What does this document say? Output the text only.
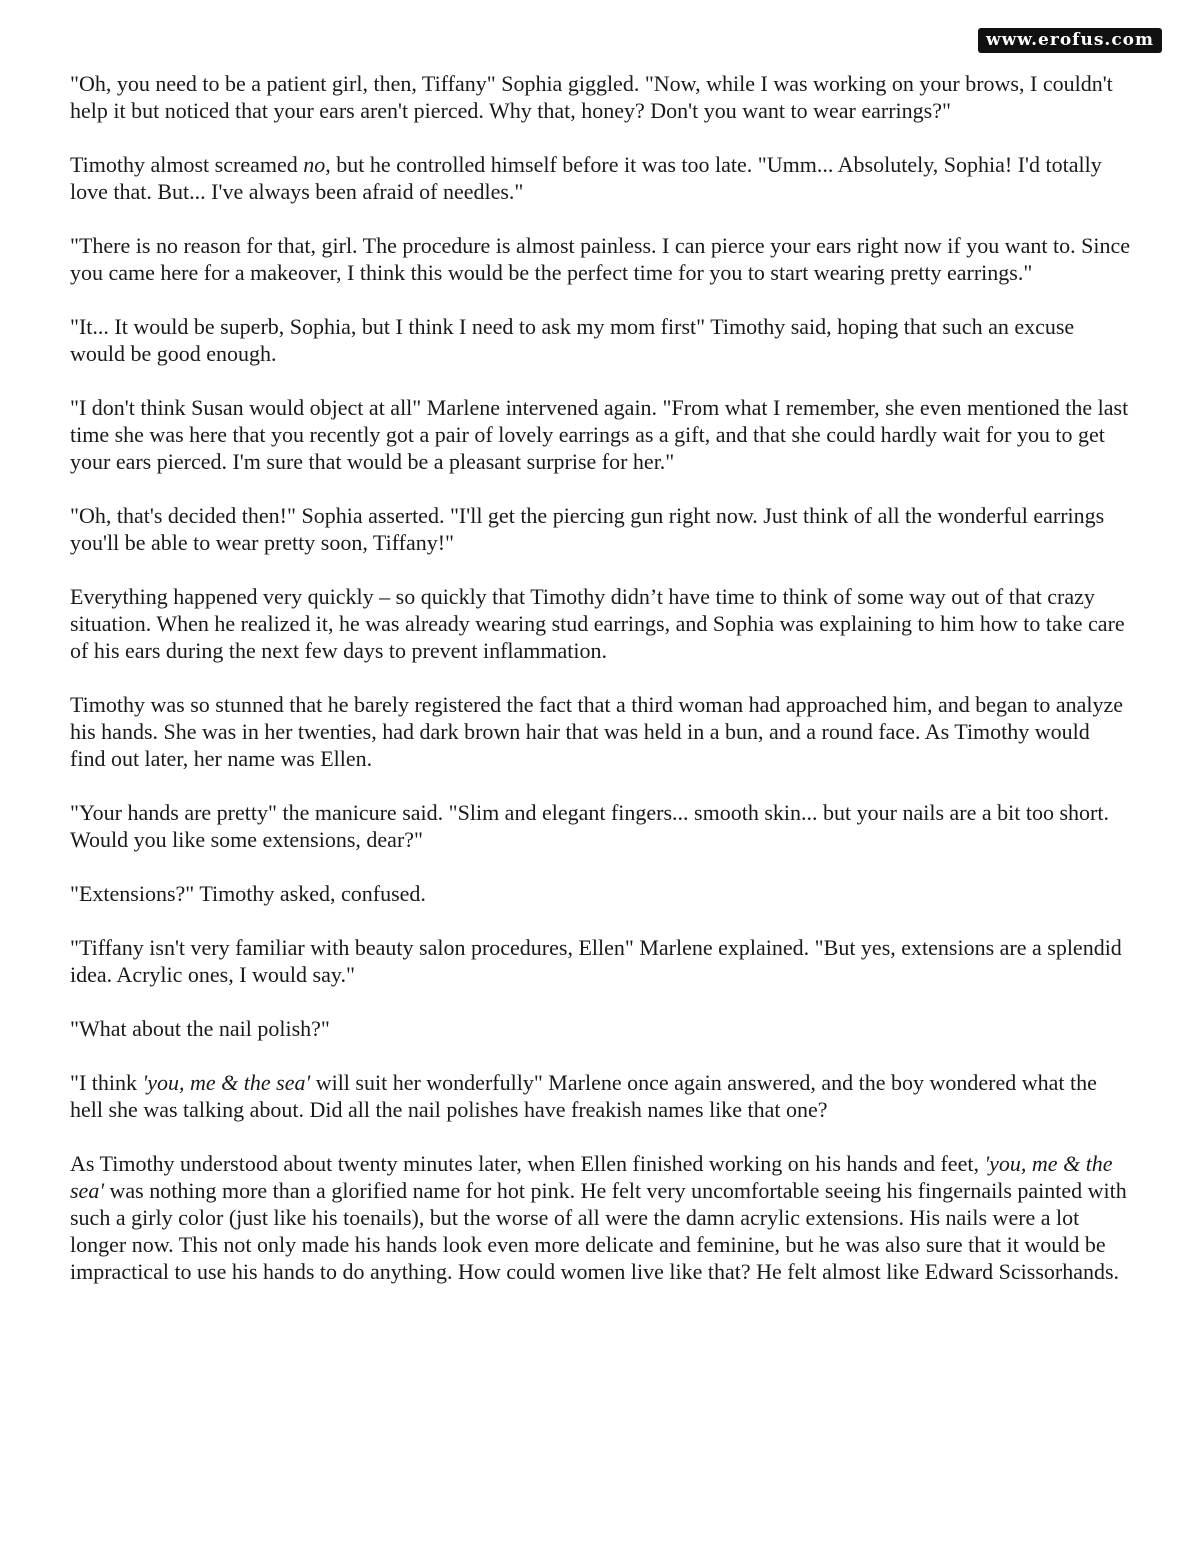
www.erofus.com

"Oh, you need to be a patient girl, then, Tiffany" Sophia giggled. "Now, while I was working on your brows, I couldn't help it but noticed that your ears aren't pierced. Why that, honey? Don't you want to wear earrings?"

Timothy almost screamed no, but he controlled himself before it was too late. "Umm... Absolutely, Sophia! I'd totally love that. But... I've always been afraid of needles."

"There is no reason for that, girl. The procedure is almost painless. I can pierce your ears right now if you want to. Since you came here for a makeover, I think this would be the perfect time for you to start wearing pretty earrings."

"It... It would be superb, Sophia, but I think I need to ask my mom first" Timothy said, hoping that such an excuse would be good enough.

"I don't think Susan would object at all" Marlene intervened again. "From what I remember, she even mentioned the last time she was here that you recently got a pair of lovely earrings as a gift, and that she could hardly wait for you to get your ears pierced. I'm sure that would be a pleasant surprise for her."

"Oh, that's decided then!" Sophia asserted. "I'll get the piercing gun right now. Just think of all the wonderful earrings you'll be able to wear pretty soon, Tiffany!"

Everything happened very quickly – so quickly that Timothy didn’t have time to think of some way out of that crazy situation. When he realized it, he was already wearing stud earrings, and Sophia was explaining to him how to take care of his ears during the next few days to prevent inflammation.

Timothy was so stunned that he barely registered the fact that a third woman had approached him, and began to analyze his hands. She was in her twenties, had dark brown hair that was held in a bun, and a round face. As Timothy would find out later, her name was Ellen.

"Your hands are pretty" the manicure said. "Slim and elegant fingers... smooth skin... but your nails are a bit too short. Would you like some extensions, dear?"

"Extensions?" Timothy asked, confused.

"Tiffany isn't very familiar with beauty salon procedures, Ellen" Marlene explained. "But yes, extensions are a splendid idea. Acrylic ones, I would say."

"What about the nail polish?"

"I think 'you, me & the sea' will suit her wonderfully" Marlene once again answered, and the boy wondered what the hell she was talking about. Did all the nail polishes have freakish names like that one?

As Timothy understood about twenty minutes later, when Ellen finished working on his hands and feet, 'you, me & the sea' was nothing more than a glorified name for hot pink. He felt very uncomfortable seeing his fingernails painted with such a girly color (just like his toenails), but the worse of all were the damn acrylic extensions. His nails were a lot longer now. This not only made his hands look even more delicate and feminine, but he was also sure that it would be impractical to use his hands to do anything. How could women live like that? He felt almost like Edward Scissorhands.
